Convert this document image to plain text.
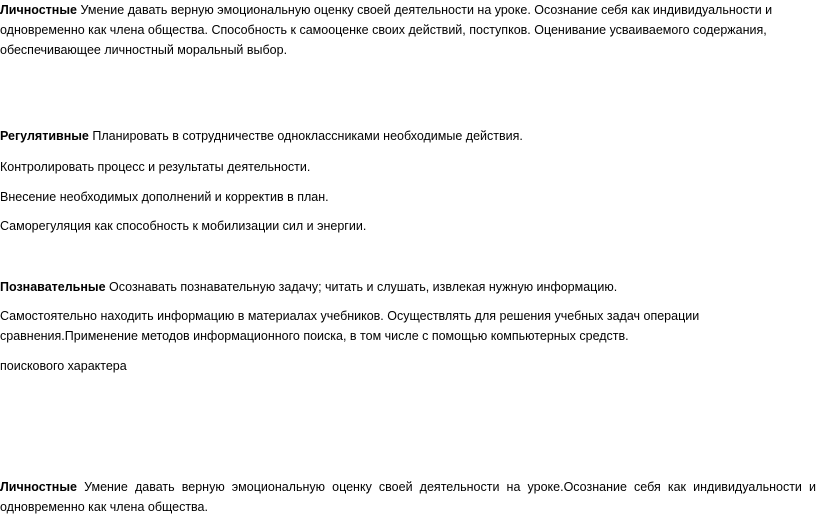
Личностные Умение давать верную эмоциональную оценку своей деятельности на уроке. Осознание себя как индивидуальности и одновременно как члена общества. Способность к самооценке своих действий, поступков. Оценивание усваиваемого содержания, обеспечивающее личностный моральный выбор.

Регулятивные Планировать в сотрудничестве одноклассниками необходимые действия.

Контролировать процесс и результаты деятельности.

Внесение необходимых дополнений и корректив в план.

Саморегуляция как способность к мобилизации сил и энергии.

Познавательные Осознавать познавательную задачу; читать и слушать, извлекая нужную информацию.

Самостоятельно находить информацию в материалах учебников. Осуществлять для решения учебных задач операции сравнения.Применение методов информационного поиска, в том числе с помощью компьютерных средств.

поискового характера

Личностные Умение давать верную эмоциональную оценку своей деятельности на уроке.Осознание себя как индивидуальности и одновременно как члена общества.
